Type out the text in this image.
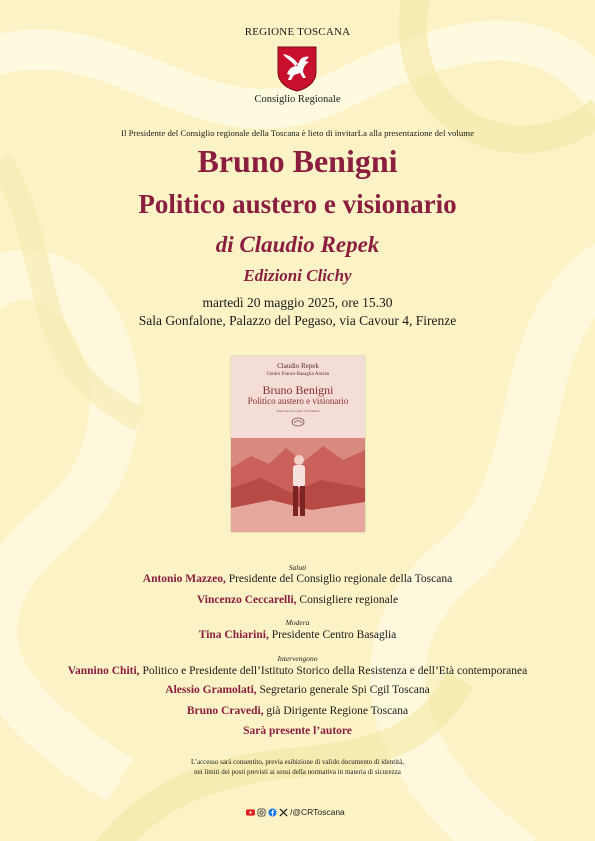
REGIONE TOSCANA
Consiglio Regionale
Il Presidente del Consiglio regionale della Toscana è lieto di invitarLa alla presentazione del volume
Bruno Benigni
Politico austero e visionario
di Claudio Repek
Edizioni Clichy
martedì 20 maggio 2025, ore 15.30
Sala Gonfalone, Palazzo del Pegaso, via Cavour 4, Firenze
Claudio Repek
Centro Franco Basaglia Arezzo
Bruno Benigni
Politico austero e visionario
Una vita con e per il territorio
Saluti
Antonio Mazzeo, Presidente del Consiglio regionale della Toscana
Vincenzo Ceccarelli, Consigliere regionale
Modera
Tina Chiarini, Presidente Centro Basaglia
Intervengono
Vannino Chiti, Politico e Presidente dell’Istituto Storico della Resistenza e dell’Età contemporanea
Alessio Gramolati, Segretario generale Spi Cgil Toscana
Bruno Cravedi, già Dirigente Regione Toscana
Sarà presente l’autore
L’accesso sarà consentito, previa esibizione di valido documento di identità,
nei limiti dei posti previsti ai sensi della normativa in materia di sicurezza
/@CRToscana
